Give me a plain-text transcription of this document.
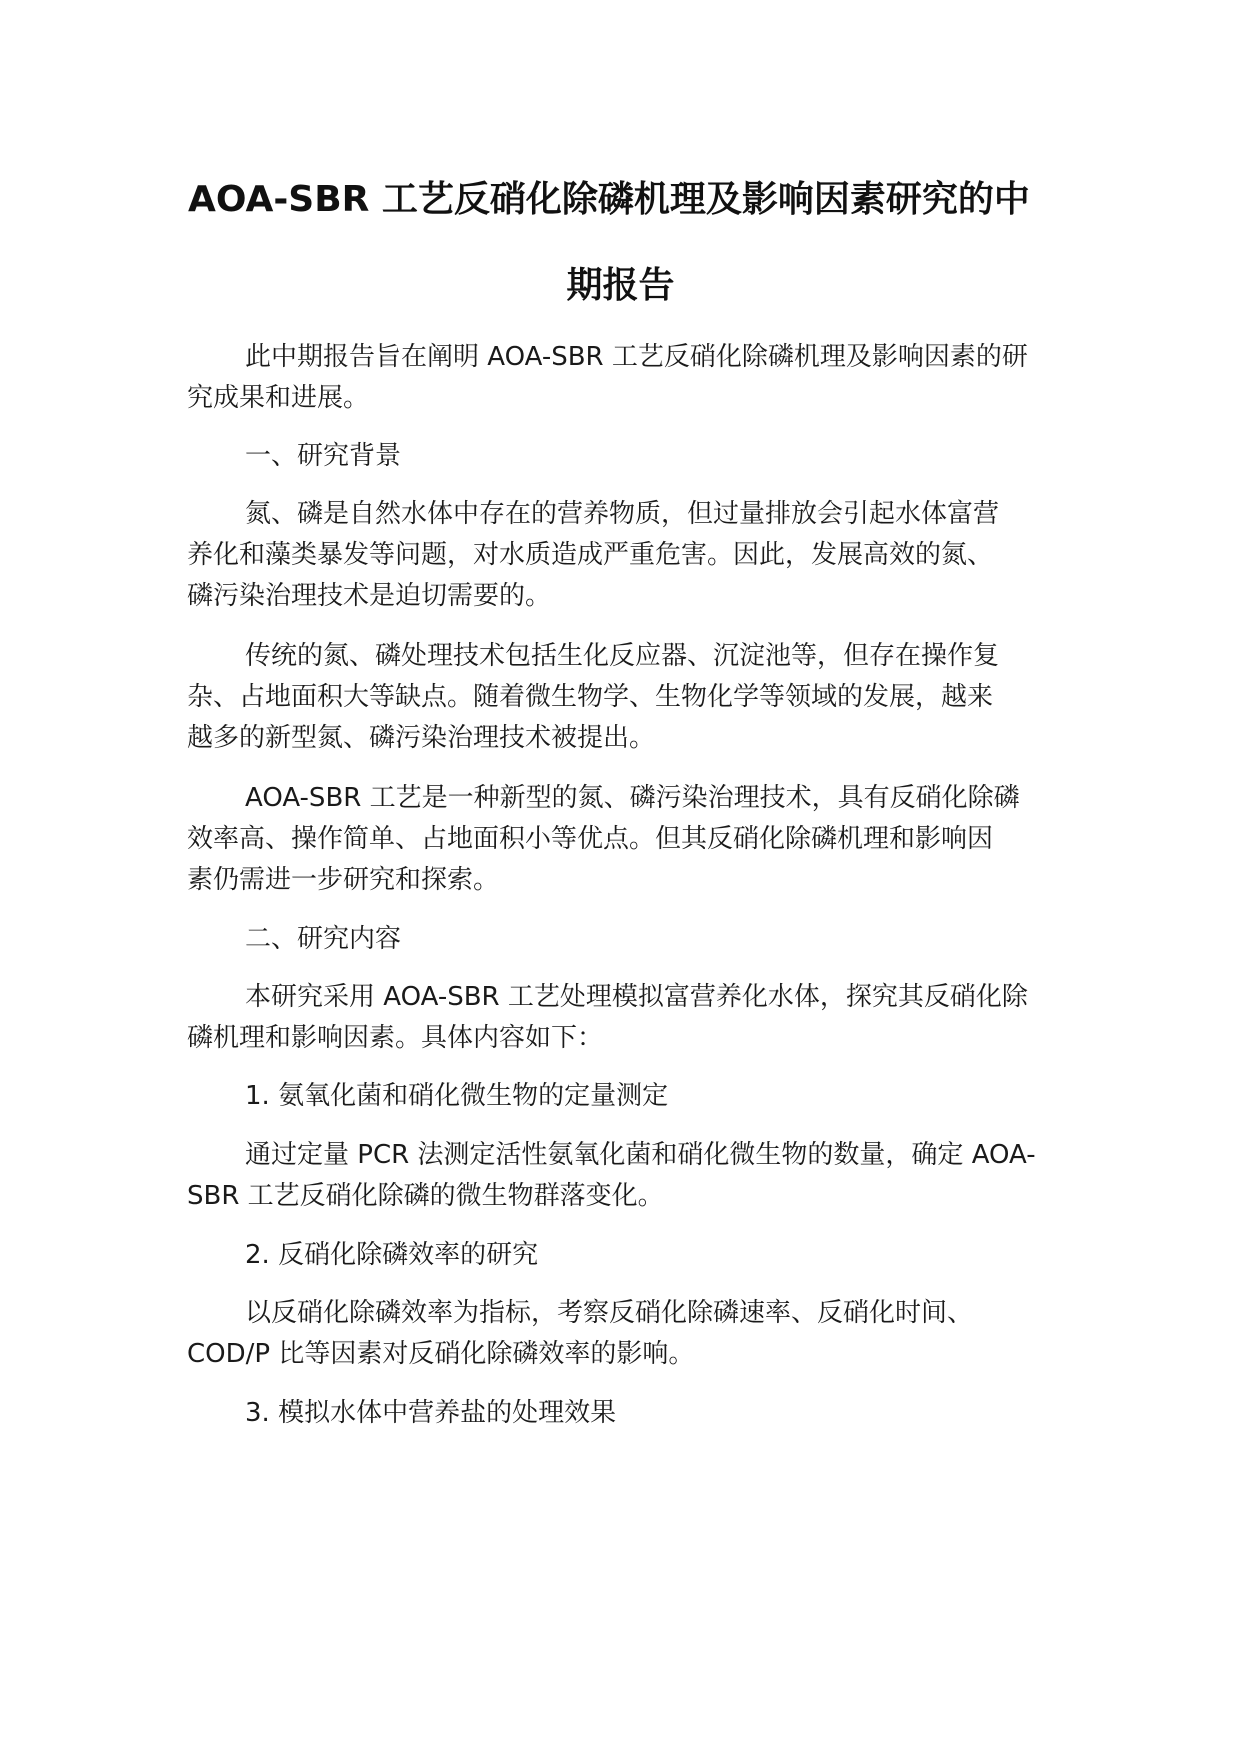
AOA-SBR 工艺反硝化除磷机理及影响因素研究的中
期报告
此中期报告旨在阐明 AOA-SBR 工艺反硝化除磷机理及影响因素的研
究成果和进展。
一、研究背景
氮、磷是自然水体中存在的营养物质，但过量排放会引起水体富营
养化和藻类暴发等问题，对水质造成严重危害。因此，发展高效的氮、
磷污染治理技术是迫切需要的。
传统的氮、磷处理技术包括生化反应器、沉淀池等，但存在操作复
杂、占地面积大等缺点。随着微生物学、生物化学等领域的发展，越来
越多的新型氮、磷污染治理技术被提出。
AOA-SBR 工艺是一种新型的氮、磷污染治理技术，具有反硝化除磷
效率高、操作简单、占地面积小等优点。但其反硝化除磷机理和影响因
素仍需进一步研究和探索。
二、研究内容
本研究采用 AOA-SBR 工艺处理模拟富营养化水体，探究其反硝化除
磷机理和影响因素。具体内容如下：
1. 氨氧化菌和硝化微生物的定量测定
通过定量 PCR 法测定活性氨氧化菌和硝化微生物的数量，确定 AOA-
SBR 工艺反硝化除磷的微生物群落变化。
2. 反硝化除磷效率的研究
以反硝化除磷效率为指标，考察反硝化除磷速率、反硝化时间、
COD/P 比等因素对反硝化除磷效率的影响。
3. 模拟水体中营养盐的处理效果
